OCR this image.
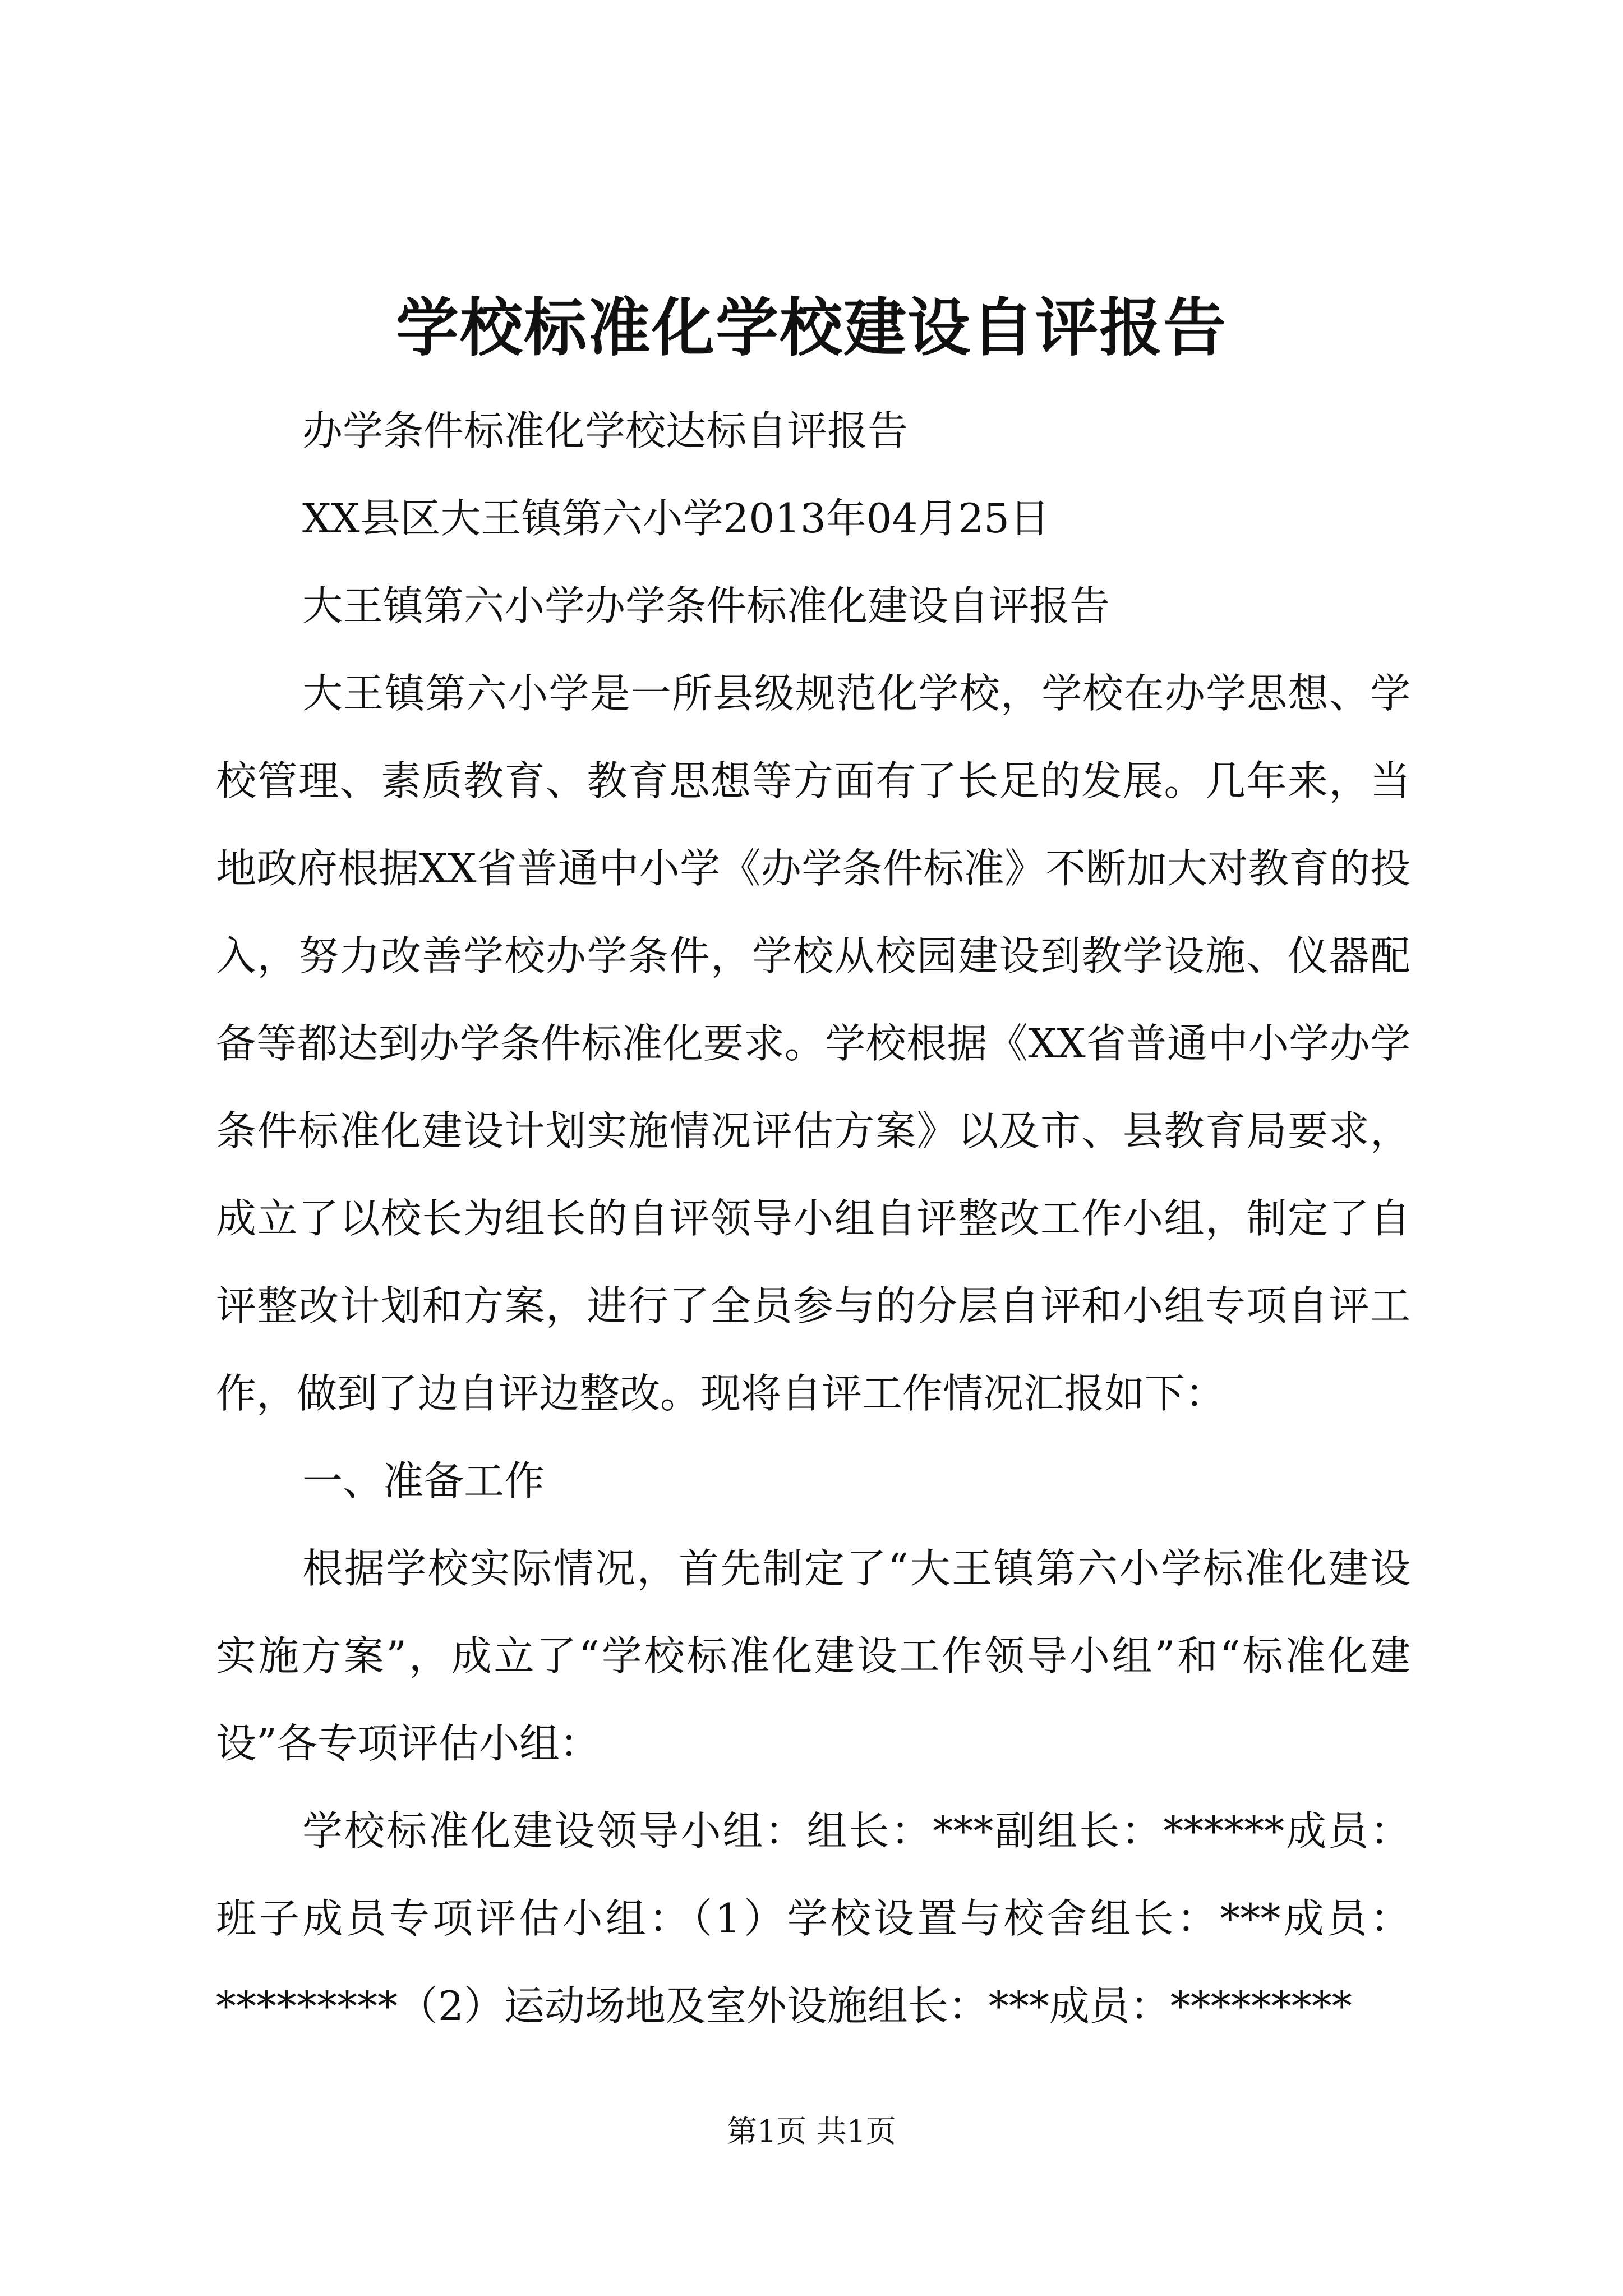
学校标准化学校建设自评报告

办学条件标准化学校达标自评报告

XX县区大王镇第六小学2013年04月25日

大王镇第六小学办学条件标准化建设自评报告

大王镇第六小学是一所县级规范化学校，学校在办学思想、学校管理、素质教育、教育思想等方面有了长足的发展。几年来，当地政府根据XX省普通中小学《办学条件标准》不断加大对教育的投入，努力改善学校办学条件，学校从校园建设到教学设施、仪器配备等都达到办学条件标准化要求。学校根据《XX省普通中小学办学条件标准化建设计划实施情况评估方案》以及市、县教育局要求，成立了以校长为组长的自评领导小组自评整改工作小组，制定了自评整改计划和方案，进行了全员参与的分层自评和小组专项自评工作，做到了边自评边整改。现将自评工作情况汇报如下：

一、准备工作

根据学校实际情况，首先制定了“大王镇第六小学标准化建设实施方案”，成立了“学校标准化建设工作领导小组”和“标准化建设”各专项评估小组：

学校标准化建设领导小组：组长：***副组长：******成员：班子成员专项评估小组：（1）学校设置与校舍组长：***成员：*********（2）运动场地及室外设施组长：***成员：*********

第1页 共1页
